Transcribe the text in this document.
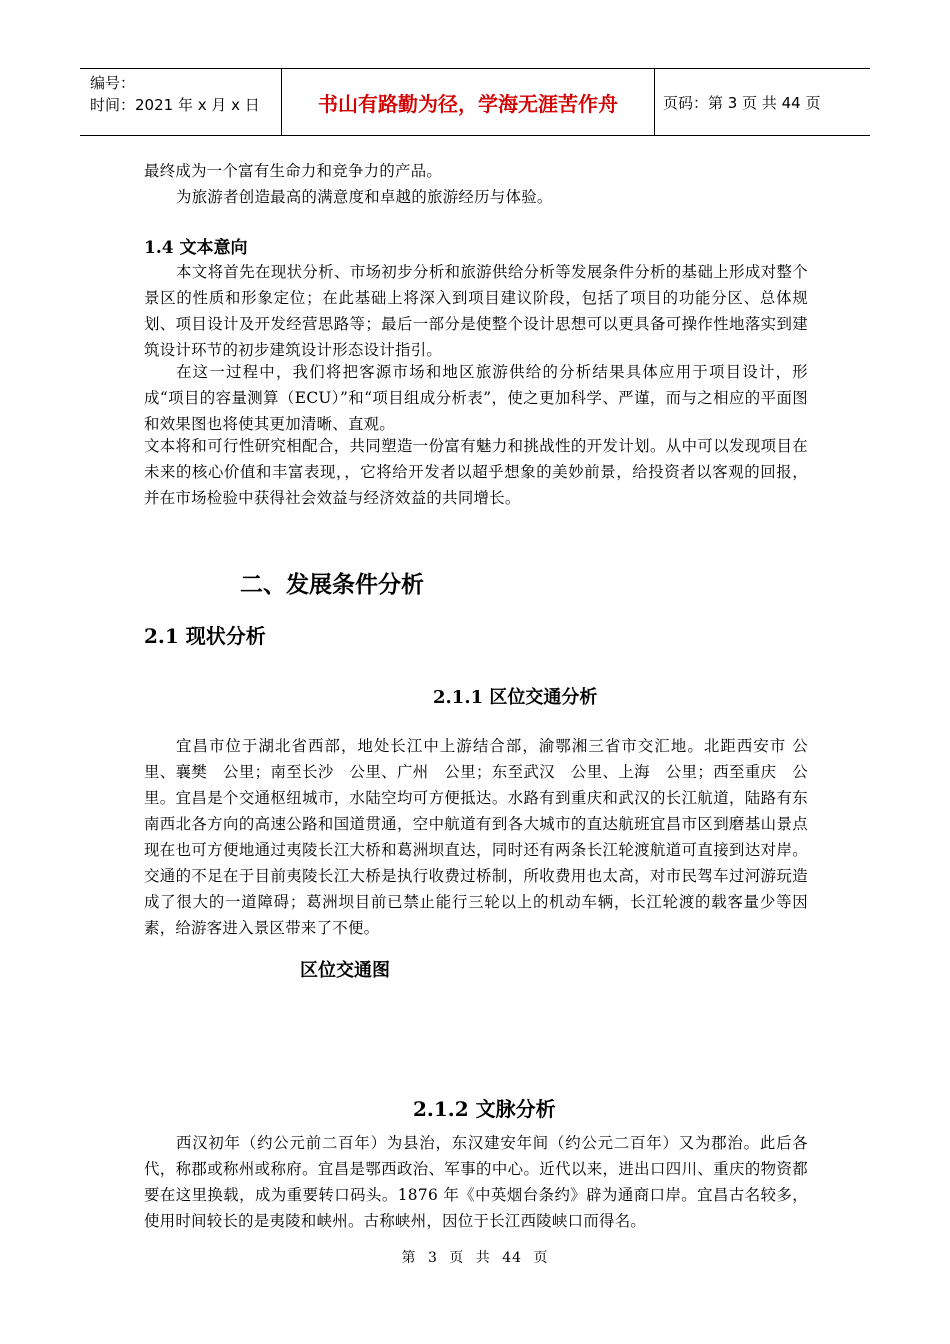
编号：
时间：2021 年 x 月 x 日	书山有路勤为径，学海无涯苦作舟	页码：第 3 页 共 44 页
最终成为一个富有生命力和竞争力的产品。
为旅游者创造最高的满意度和卓越的旅游经历与体验。
1.4 文本意向
本文将首先在现状分析、市场初步分析和旅游供给分析等发展条件分析的基础上形成对整个景区的性质和形象定位；在此基础上将深入到项目建议阶段，包括了项目的功能分区、总体规划、项目设计及开发经营思路等；最后一部分是使整个设计思想可以更具备可操作性地落实到建筑设计环节的初步建筑设计形态设计指引。
在这一过程中，我们将把客源市场和地区旅游供给的分析结果具体应用于项目设计，形成“项目的容量测算（ECU）”和“项目组成分析表”，使之更加科学、严谨，而与之相应的平面图和效果图也将使其更加清晰、直观。
文本将和可行性研究相配合，共同塑造一份富有魅力和挑战性的开发计划。从中可以发现项目在未来的核心价值和丰富表现，，它将给开发者以超乎想象的美妙前景，给投资者以客观的回报，并在市场检验中获得社会效益与经济效益的共同增长。
二、发展条件分析
2.1 现状分析
2.1.1 区位交通分析
宜昌市位于湖北省西部，地处长江中上游结合部，渝鄂湘三省市交汇地。北距西安市 公里、襄樊　公里；南至长沙　公里、广州　公里；东至武汉　公里、上海　公里；西至重庆　公里。宜昌是个交通枢纽城市，水陆空均可方便抵达。水路有到重庆和武汉的长江航道，陆路有东南西北各方向的高速公路和国道贯通，空中航道有到各大城市的直达航班宜昌市区到磨基山景点现在也可方便地通过夷陵长江大桥和葛洲坝直达，同时还有两条长江轮渡航道可直接到达对岸。交通的不足在于目前夷陵长江大桥是执行收费过桥制，所收费用也太高，对市民驾车过河游玩造成了很大的一道障碍；葛洲坝目前已禁止能行三轮以上的机动车辆，长江轮渡的载客量少等因素，给游客进入景区带来了不便。
区位交通图
2.1.2 文脉分析
西汉初年（约公元前二百年）为县治，东汉建安年间（约公元二百年）又为郡治。此后各代，称郡或称州或称府。宜昌是鄂西政治、军事的中心。近代以来，进出口四川、重庆的物资都要在这里换载，成为重要转口码头。1876 年《中英烟台条约》辟为通商口岸。宜昌古名较多，使用时间较长的是夷陵和峡州。古称峡州，因位于长江西陵峡口而得名。
第 3 页 共 44 页
